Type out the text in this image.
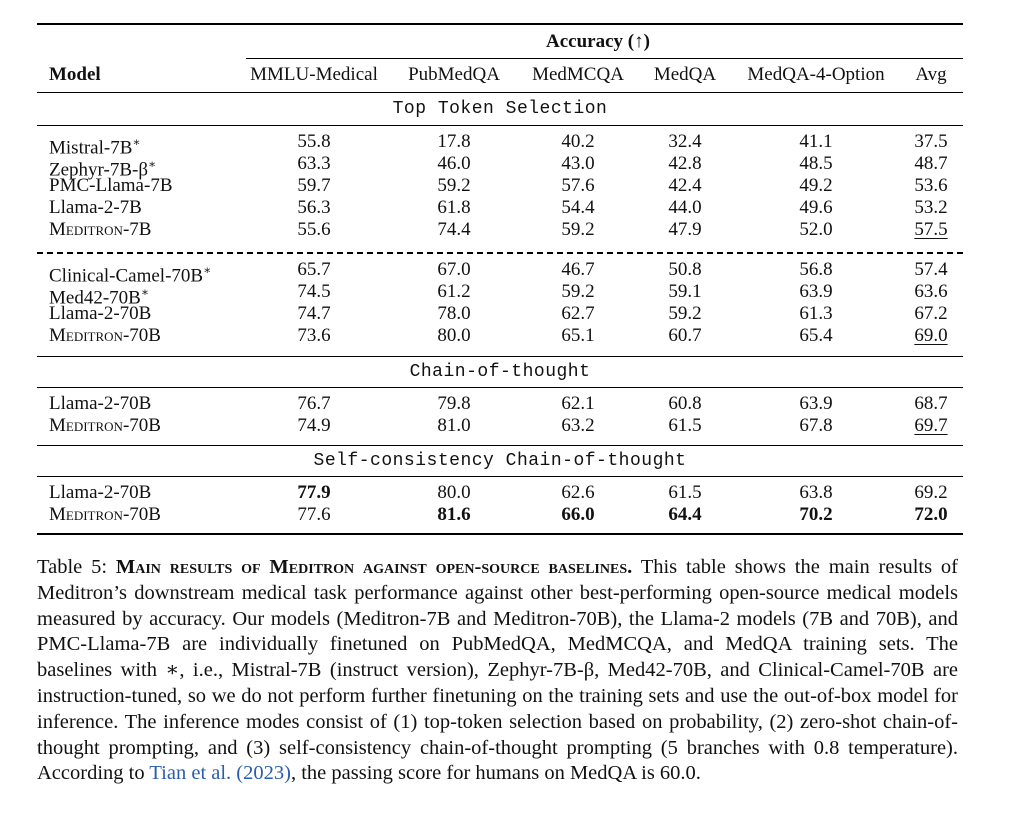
Accuracy (↑)
Model	MMLU-Medical PubMedQA MedMCQA MedQA MedQA-4-Option Avg
Top Token Selection
Mistral-7B∗	55.8	17.8	40.2	32.4	41.1	37.5
Zephyr-7B-β∗	63.3	46.0	43.0	42.8	48.5	48.7
PMC-Llama-7B	59.7	59.2	57.6	42.4	49.2	53.6
Llama-2-7B	56.3	61.8	54.4	44.0	49.6	53.2
Meditron-7B	55.6	74.4	59.2	47.9	52.0	57.5
Clinical-Camel-70B∗	65.7	67.0	46.7	50.8	56.8	57.4
Med42-70B∗	74.5	61.2	59.2	59.1	63.9	63.6
Llama-2-70B	74.7	78.0	62.7	59.2	61.3	67.2
Meditron-70B	73.6	80.0	65.1	60.7	65.4	69.0
Chain-of-thought
Llama-2-70B	76.7	79.8	62.1	60.8	63.9	68.7
Meditron-70B	74.9	81.0	63.2	61.5	67.8	69.7
Self-consistency Chain-of-thought
Llama-2-70B	77.9	80.0	62.6	61.5	63.8	69.2
Meditron-70B	77.6	81.6	66.0	64.4	70.2	72.0
Table 5: Main results of Meditron against open-source baselines. This table shows the main results of Meditron’s downstream medical task performance against other best-performing open-source medical models measured by accuracy. Our models (Meditron-7B and Meditron-70B), the Llama-2 models (7B and 70B), and PMC-Llama-7B are individually finetuned on PubMedQA, MedMCQA, and MedQA training sets. The baselines with ∗, i.e., Mistral-7B (instruct version), Zephyr-7B-β, Med42-70B, and Clinical-Camel-70B are instruction-tuned, so we do not perform further finetuning on the training sets and use the out-of-box model for inference. The inference modes consist of (1) top-token selection based on probability, (2) zero-shot chain-of-thought prompting, and (3) self-consistency chain-of-thought prompting (5 branches with 0.8 temperature). According to Tian et al. (2023), the passing score for humans on MedQA is 60.0.
